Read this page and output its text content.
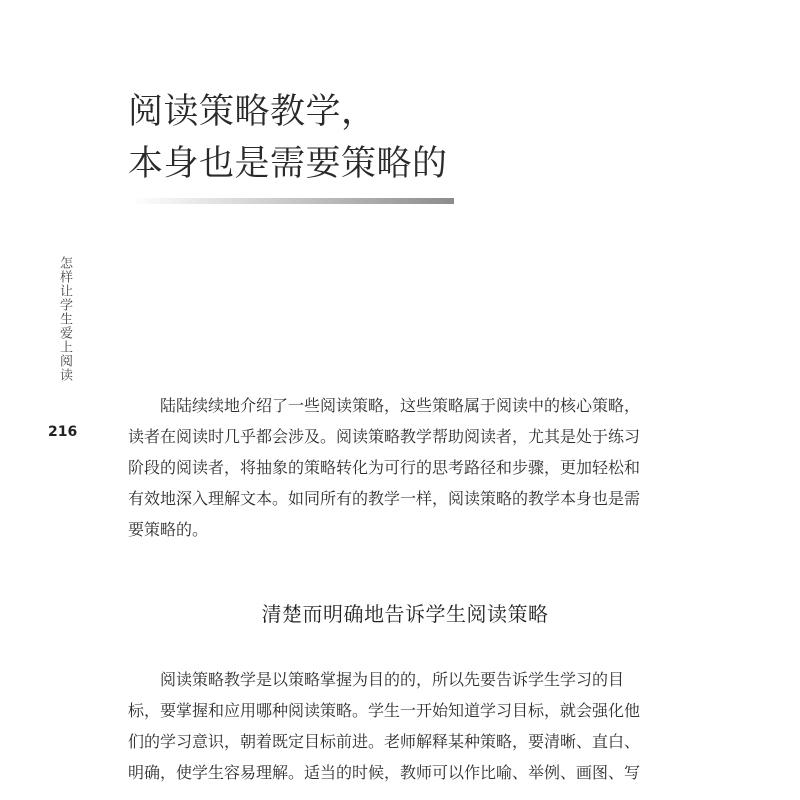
阅读策略教学，
本身也是需要策略的
怎样让学生爱上阅读
216

　　陆陆续续地介绍了一些阅读策略，这些策略属于阅读中的核心策略，
读者在阅读时几乎都会涉及。阅读策略教学帮助阅读者，尤其是处于练习
阶段的阅读者，将抽象的策略转化为可行的思考路径和步骤，更加轻松和
有效地深入理解文本。如同所有的教学一样，阅读策略的教学本身也是需
要策略的。

清楚而明确地告诉学生阅读策略

　　阅读策略教学是以策略掌握为目的的，所以先要告诉学生学习的目
标，要掌握和应用哪种阅读策略。学生一开始知道学习目标，就会强化他
们的学习意识，朝着既定目标前进。老师解释某种策略，要清晰、直白、
明确，使学生容易理解。适当的时候，教师可以作比喻、举例、画图、写
